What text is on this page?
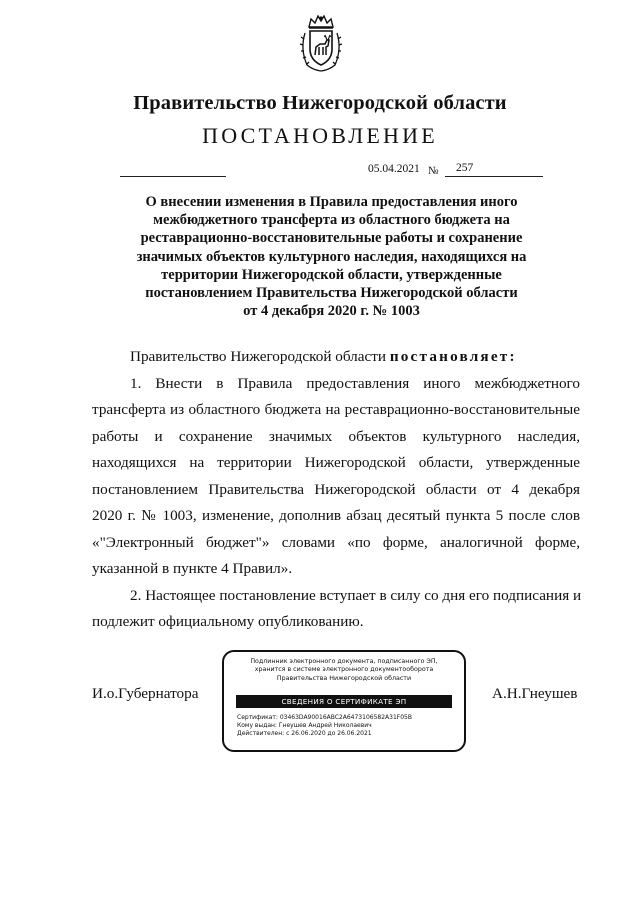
Правительство Нижегородской области
ПОСТАНОВЛЕНИЕ
05.04.2021 № 257
О внесении изменения в Правила предоставления иного
межбюджетного трансферта из областного бюджета на
реставрационно-восстановительные работы и сохранение
значимых объектов культурного наследия, находящихся на
территории Нижегородской области, утвержденные
постановлением Правительства Нижегородской области
от 4 декабря 2020 г. № 1003
Правительство Нижегородской области постановляет:
1. Внести в Правила предоставления иного межбюджетного
трансферта из областного бюджета на реставрационно-восстановительные
работы и сохранение значимых объектов культурного наследия,
находящихся на территории Нижегородской области, утвержденные
постановлением Правительства Нижегородской области от 4 декабря
2020 г. № 1003, изменение, дополнив абзац десятый пункта 5 после слов
«"Электронный бюджет"» словами «по форме, аналогичной форме,
указанной в пункте 4 Правил».
2. Настоящее постановление вступает в силу со дня его подписания и
подлежит официальному опубликованию.
И.о.Губернатора	А.Н.Гнеушев
Подлинник электронного документа, подписанного ЭП,
хранится в системе электронного документооборота
Правительства Нижегородской области
СВЕДЕНИЯ О СЕРТИФИКАТЕ ЭП
Сертификат: 03463DA90016ABC2A6473106582A31F05B
Кому выдан: Гнеушев Андрей Николаевич
Действителен: с 26.06.2020 до 26.06.2021
